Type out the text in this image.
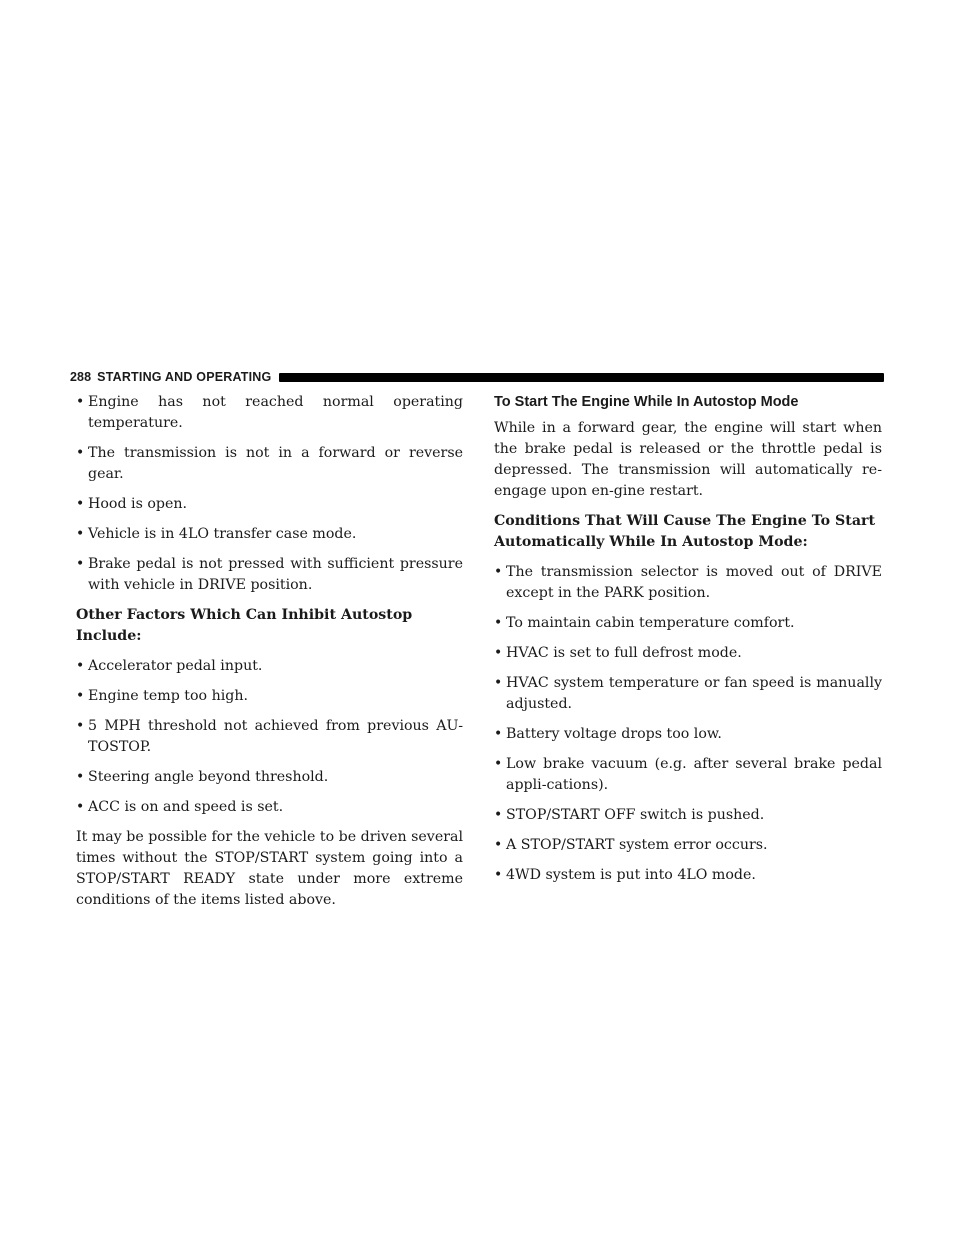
288 STARTING AND OPERATING
• Engine has not reached normal operating temperature.
• The transmission is not in a forward or reverse gear.
• Hood is open.
• Vehicle is in 4LO transfer case mode.
• Brake pedal is not pressed with sufficient pressure with vehicle in DRIVE position.
Other Factors Which Can Inhibit Autostop Include:
• Accelerator pedal input.
• Engine temp too high.
• 5 MPH threshold not achieved from previous AU-TOSTOP.
• Steering angle beyond threshold.
• ACC is on and speed is set.
It may be possible for the vehicle to be driven several times without the STOP/START system going into a STOP/START READY state under more extreme conditions of the items listed above.
To Start The Engine While In Autostop Mode
While in a forward gear, the engine will start when the brake pedal is released or the throttle pedal is depressed. The transmission will automatically re-engage upon en-gine restart.
Conditions That Will Cause The Engine To Start Automatically While In Autostop Mode:
• The transmission selector is moved out of DRIVE except in the PARK position.
• To maintain cabin temperature comfort.
• HVAC is set to full defrost mode.
• HVAC system temperature or fan speed is manually adjusted.
• Battery voltage drops too low.
• Low brake vacuum (e.g. after several brake pedal appli-cations).
• STOP/START OFF switch is pushed.
• A STOP/START system error occurs.
• 4WD system is put into 4LO mode.
